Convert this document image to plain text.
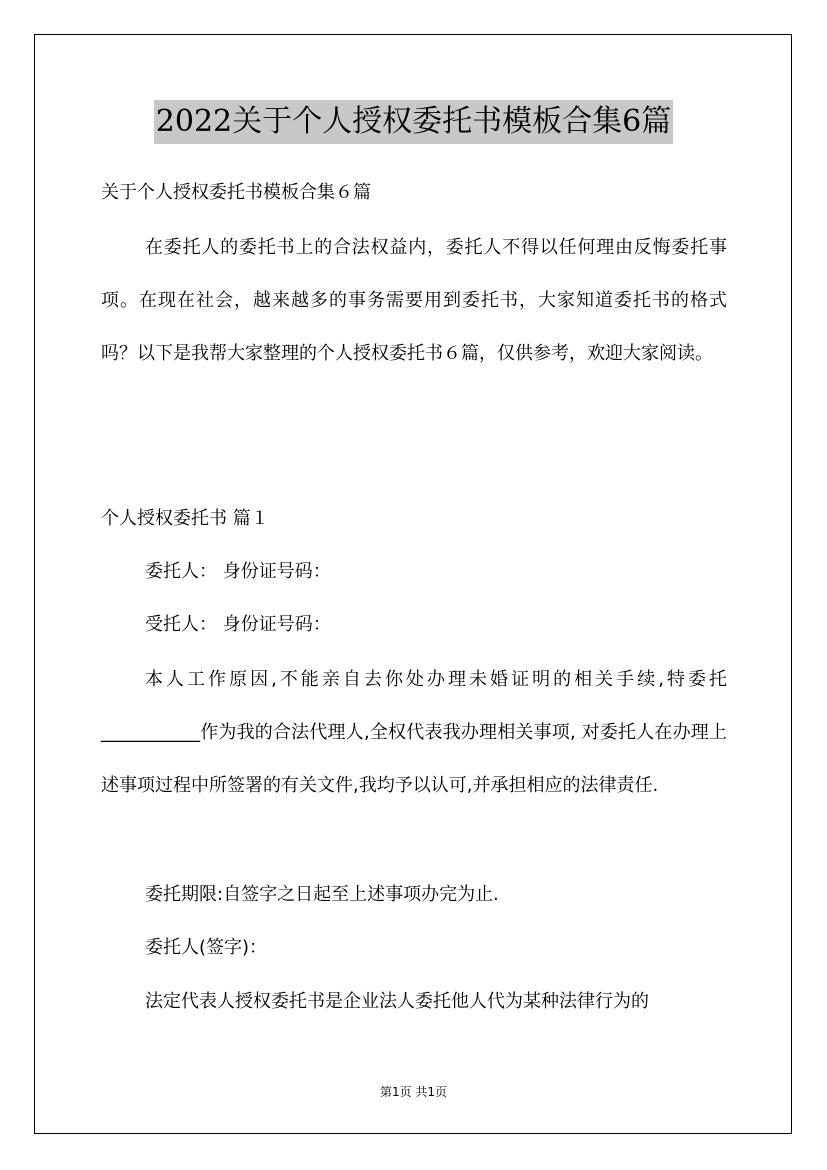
2022关于个人授权委托书模板合集6篇
关于个人授权委托书模板合集６篇
在委托人的委托书上的合法权益内，委托人不得以任何理由反悔委托事项。在现在社会，越来越多的事务需要用到委托书，大家知道委托书的格式吗？以下是我帮大家整理的个人授权委托书６篇，仅供参考，欢迎大家阅读。
个人授权委托书 篇１
委托人： 身份证号码：
受托人： 身份证号码：
本人工作原因,不能亲自去你处办理未婚证明的相关手续,特委托___________作为我的合法代理人,全权代表我办理相关事项, 对委托人在办理上述事项过程中所签署的有关文件,我均予以认可,并承担相应的法律责任.
委托期限:自签字之日起至上述事项办完为止.
委托人(签字)：
法定代表人授权委托书是企业法人委托他人代为某种法律行为的
第1页 共1页
